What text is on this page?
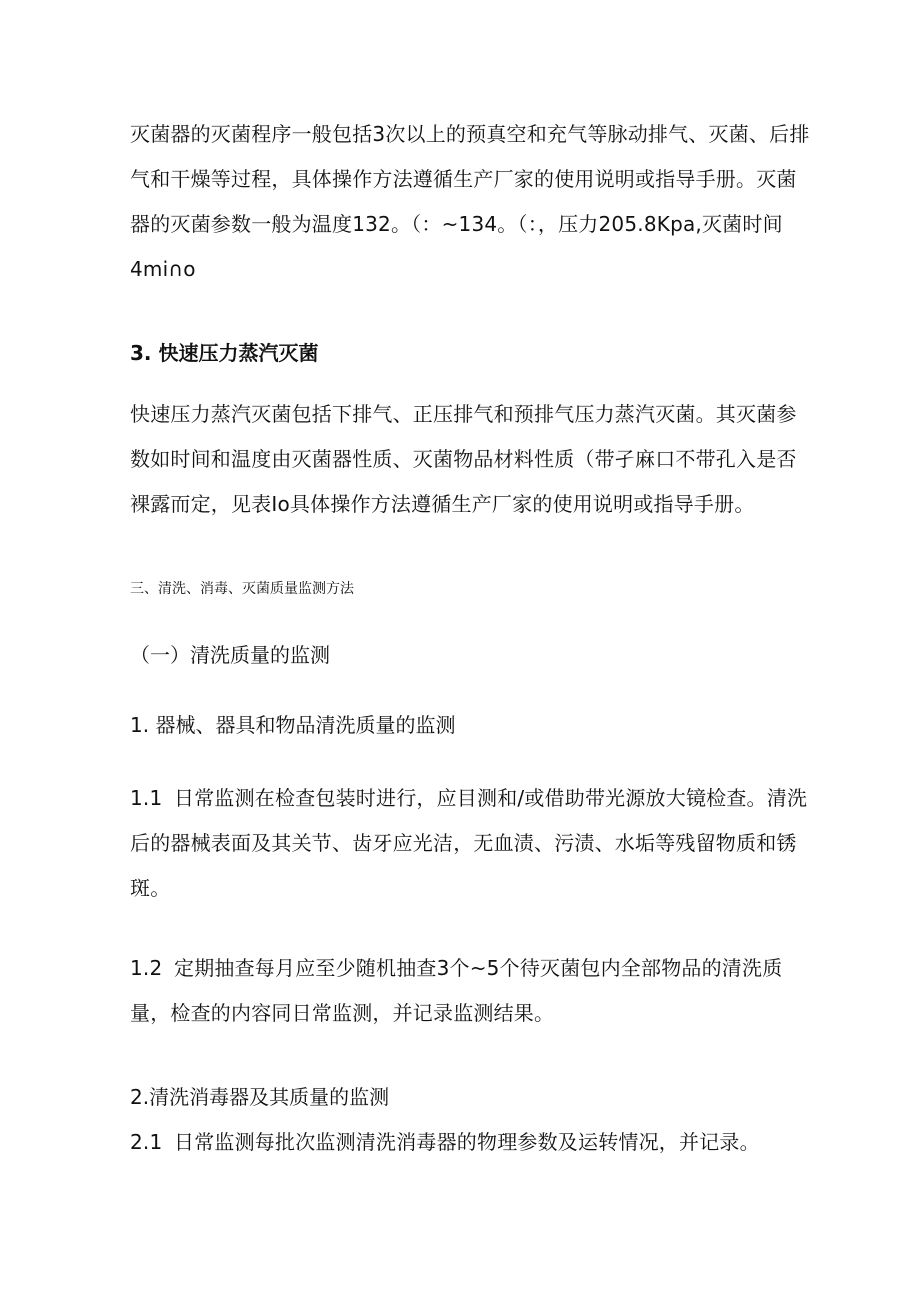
灭菌器的灭菌程序一般包括3次以上的预真空和充气等脉动排气、灭菌、后排气和干燥等过程，具体操作方法遵循生产厂家的使用说明或指导手册。灭菌器的灭菌参数一般为温度132。（：~134。（：，压力205.8Kpa,灭菌时间4mi∩o

3. 快速压力蒸汽灭菌

快速压力蒸汽灭菌包括下排气、正压排气和预排气压力蒸汽灭菌。其灭菌参数如时间和温度由灭菌器性质、灭菌物品材料性质（带孑麻口不带孔入是否裸露而定，见表Io具体操作方法遵循生产厂家的使用说明或指导手册。

三、清洗、消毒、灭菌质量监测方法
（一）清洗质量的监测
1. 器械、器具和物品清洗质量的监测

1.1 日常监测在检查包装时进行，应目测和/或借助带光源放大镜检查。清洗后的器械表面及其关节、齿牙应光洁，无血渍、污渍、水垢等残留物质和锈斑。

1.2 定期抽查每月应至少随机抽查3个~5个待灭菌包内全部物品的清洗质量，检查的内容同日常监测，并记录监测结果。

2.清洗消毒器及其质量的监测

2.1 日常监测每批次监测清洗消毒器的物理参数及运转情况，并记录。
